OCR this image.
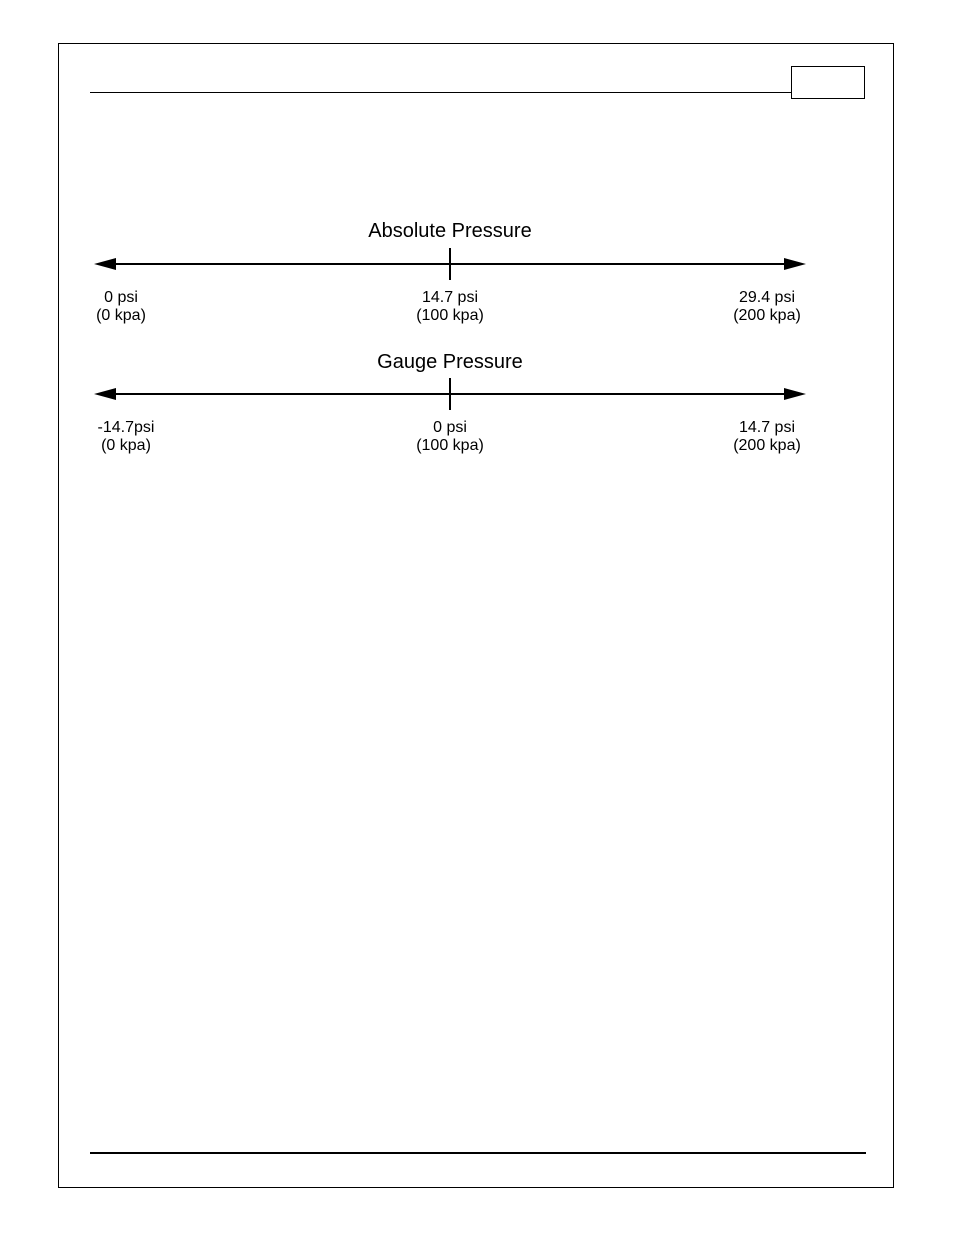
Absolute Pressure
0 psi
(0 kpa)
14.7 psi
(100 kpa)
29.4 psi
(200 kpa)
Gauge Pressure
-14.7psi
(0 kpa)
0 psi
(100 kpa)
14.7 psi
(200 kpa)
